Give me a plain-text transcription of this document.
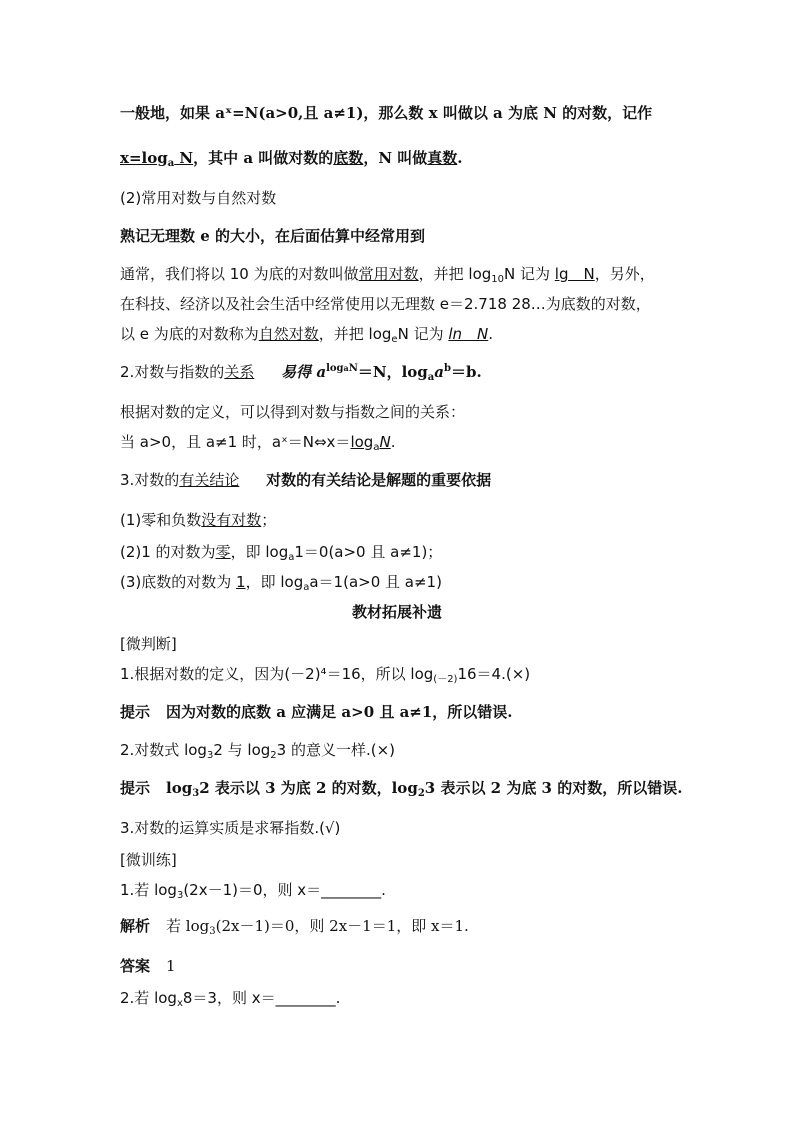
一般地，如果 aˣ=N(a>0,且 a≠1)，那么数 x 叫做以 a 为底 N 的对数，记作
$x=\log_a$ N，其中 a 叫做对数的底数，N 叫做真数.
(2)常用对数与自然对数
熟记无理数 e 的大小，在后面估算中经常用到
通常，我们将以 10 为底的对数叫做常用对数，并把 $\log_{10}N$ 记为 lg　N，另外，
在科技、经济以及社会生活中经常使用以无理数 e＝2.718 28…为底数的对数，
以 e 为底的对数称为自然对数，并把 $\log_eN$ 记为 ln　N.
2.对数与指数的关系 易得 $a^{logaN}=N$，$\log_aa^b=b$.
根据对数的定义，可以得到对数与指数之间的关系：
当 a>0，且 a≠1 时，$aˣ=N\Leftrightarrow x=\log_aN$.
3.对数的有关结论 对数的有关结论是解题的重要依据
(1)零和负数没有对数；
(2)1 的对数为零，即 $\log_a1=0(a>0$ 且 a≠1)；
(3)底数的对数为 1，即 $\log_aa=1(a>0$ 且 a≠1)
教材拓展补遗
[微判断]
1.根据对数的定义，因为(－2)⁴＝16，所以 $\log_{(-2)}16=4.(\times)$
提示 因为对数的底数 a 应满足 a>0 且 a≠1，所以错误.
2.对数式 $\log_32$ 与 $\log_23$ 的意义一样.(×)
提示 $\log_32$ 表示以 3 为底 2 的对数，$\log_23$ 表示以 2 为底 3 的对数，所以错误.
3.对数的运算实质是求幂指数.(√)
[微训练]
1.若 $\log_3(2x-1)=0$，则 x＝________.
解析 若 $\log_3(2x-1)=0$，则 2x－1＝1，即 x＝1.
答案 1
2.若 $\log_x8=3$，则 x＝________.
